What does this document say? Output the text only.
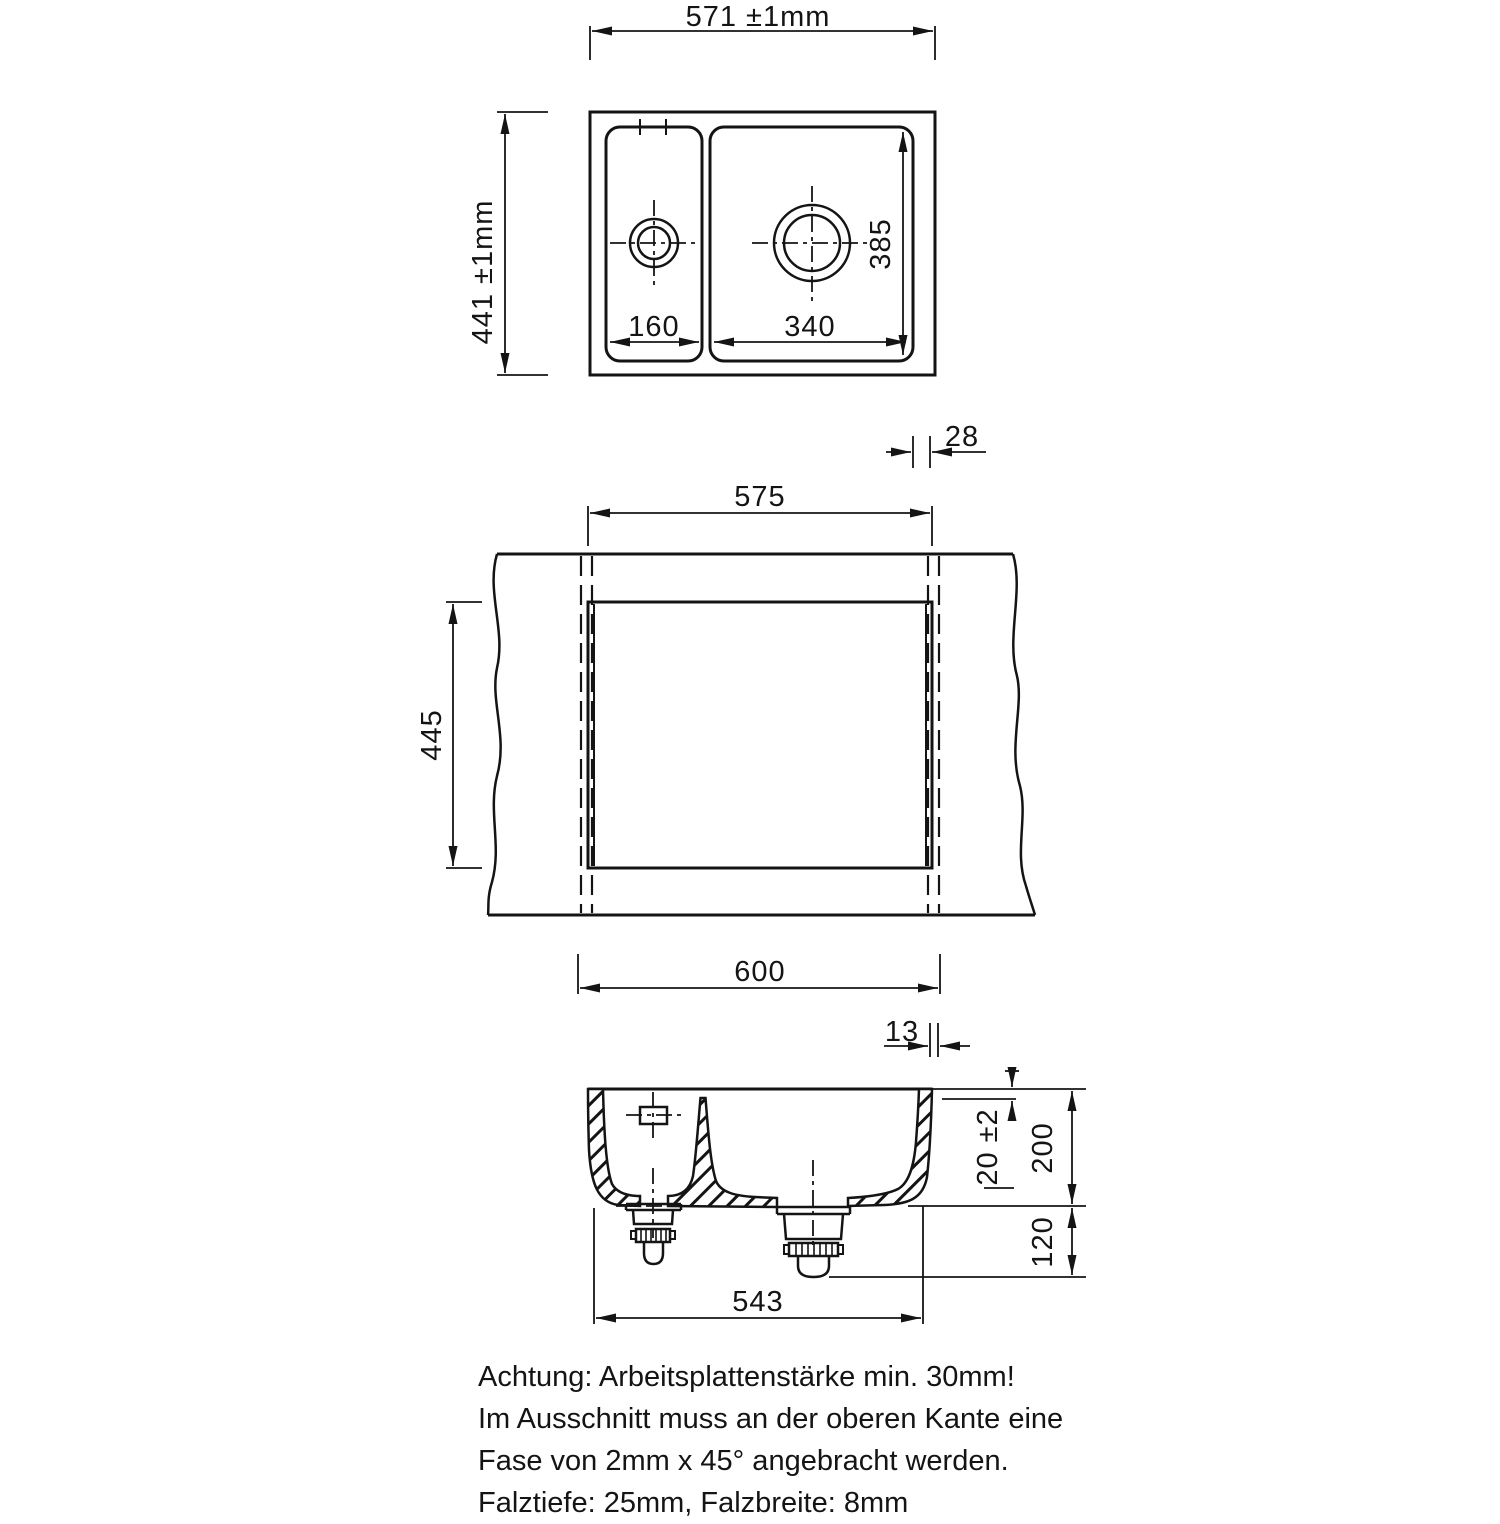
571 ±1mm
441 ±1mm	160	340
385
28
575
445
600
13
20 ±2 200
120
543
Achtung: Arbeitsplattenstärke min. 30mm!
Im Ausschnitt muss an der oberen Kante eine
Fase von 2mm x 45° angebracht werden.
Falztiefe: 25mm, Falzbreite: 8mm
